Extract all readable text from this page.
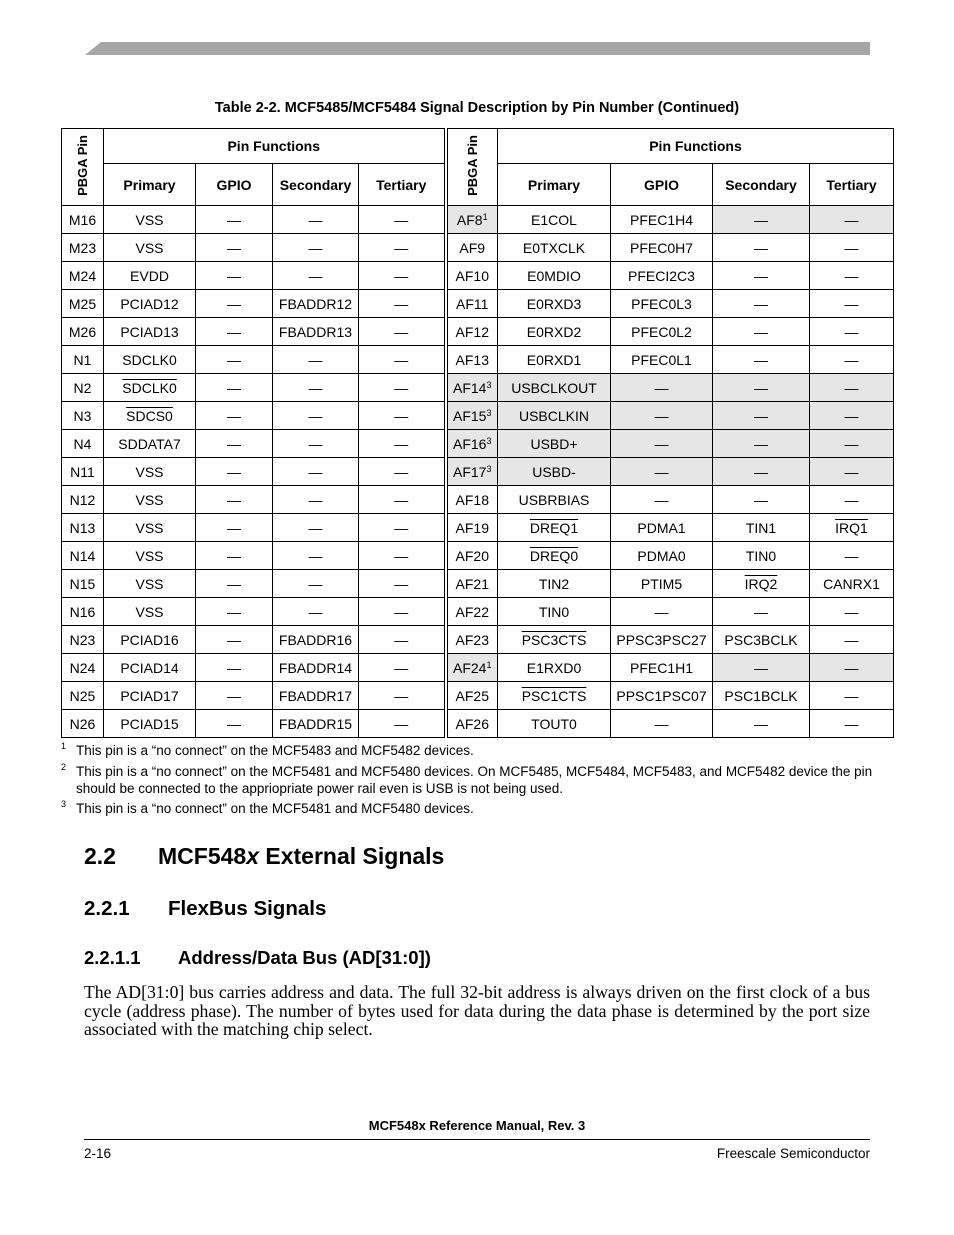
Table 2-2. MCF5485/MCF5484 Signal Description by Pin Number (Continued)
PBGA Pin	Pin Functions				PBGA Pin	Pin Functions			
	Primary	GPIO	Secondary	Tertiary		Primary	GPIO	Secondary	Tertiary
M16	VSS	—	—	—	$AF8^1$	E1COL	PFEC1H4	—	—
M23	VSS	—	—	—	AF9	E0TXCLK	PFEC0H7	—	—
M24	EVDD	—	—	—	AF10	E0MDIO	PFECI2C3	—	—
M25	PCIAD12	—	FBADDR12	—	AF11	E0RXD3	PFEC0L3	—	—
M26	PCIAD13	—	FBADDR13	—	AF12	E0RXD2	PFEC0L2	—	—
N1	SDCLK0	—	—	—	AF13	E0RXD1	PFEC0L1	—	—
N2	SDCLK0	—	—	—	$AF14^3$	USBCLKOUT	—	—	—
N3	SDCS0	—	—	—	$AF15^3$	USBCLKIN	—	—	—
N4	SDDATA7	—	—	—	$AF16^3$	USBD+	—	—	—
N11	VSS	—	—	—	$AF17^3$	USBD-	—	—	—
N12	VSS	—	—	—	AF18	USBRBIAS	—	—	—
N13	VSS	—	—	—	AF19	DREQ1	PDMA1	TIN1	IRQ1
N14	VSS	—	—	—	AF20	DREQ0	PDMA0	TIN0	—
N15	VSS	—	—	—	AF21	TIN2	PTIM5	IRQ2	CANRX1
N16	VSS	—	—	—	AF22	TIN0	—	—	—
N23	PCIAD16	—	FBADDR16	—	AF23	PSC3CTS	PPSC3PSC27	PSC3BCLK	—
N24	PCIAD14	—	FBADDR14	—	$AF24^1$	E1RXD0	PFEC1H1	—	—
N25	PCIAD17	—	FBADDR17	—	AF25	PSC1CTS	PPSC1PSC07	PSC1BCLK	—
N26	PCIAD15	—	FBADDR15	—	AF26	TOUT0	—	—	—
1 This pin is a “no connect” on the MCF5483 and MCF5482 devices.
2 This pin is a “no connect” on the MCF5481 and MCF5480 devices. On MCF5485, MCF5484, MCF5483, and MCF5482 device the pin should be connected to the appriopriate power rail even is USB is not being used.
3 This pin is a “no connect” on the MCF5481 and MCF5480 devices.
2.2 MCF548x External Signals
2.2.1 FlexBus Signals
2.2.1.1 Address/Data Bus (AD[31:0])

The AD[31:0] bus carries address and data. The full 32-bit address is always driven on the first clock of a bus cycle (address phase). The number of bytes used for data during the data phase is determined by the port size associated with the matching chip select.

MCF548x Reference Manual, Rev. 3
2-16	Freescale Semiconductor
